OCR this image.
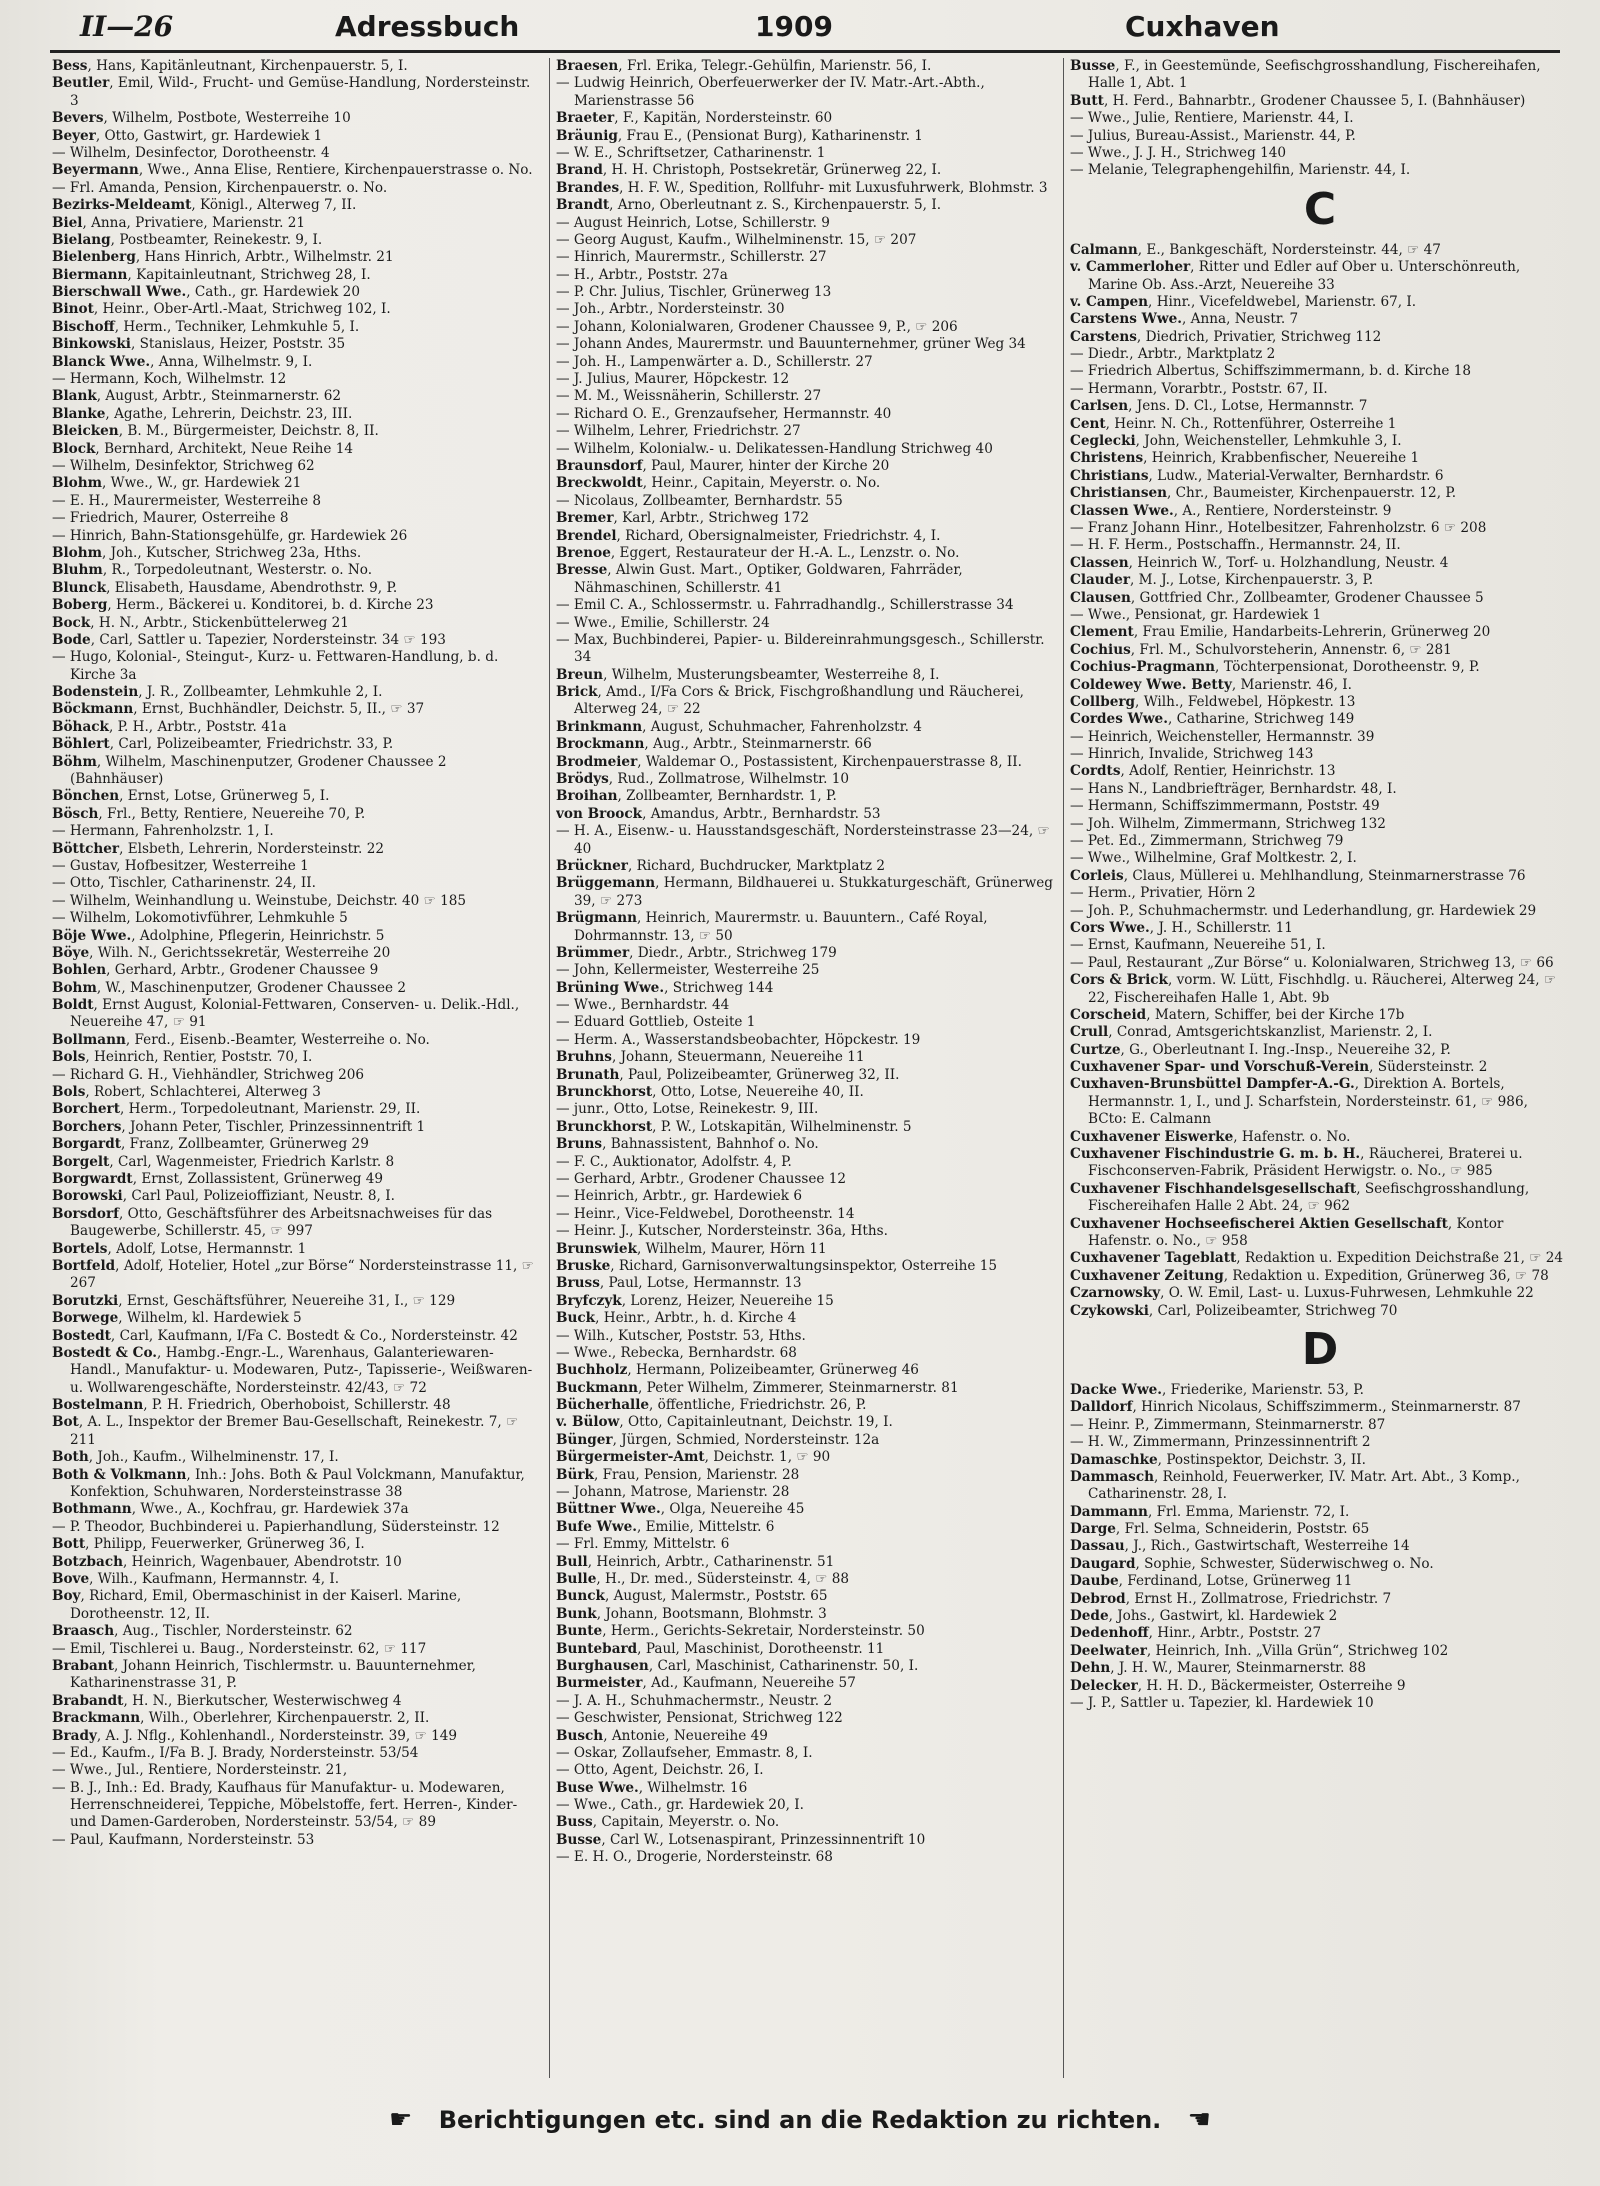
II—26	Adressbuch	1909	Cuxhaven

Bess, Hans, Kapitänleutnant, Kirchenpauerstr. 5, I.

Beutler, Emil, Wild-, Frucht- und Gemüse-Handlung, Nordersteinstr. 3

Bevers, Wilhelm, Postbote, Westerreihe 10

Beyer, Otto, Gastwirt, gr. Hardewiek 1

— Wilhelm, Desinfector, Dorotheenstr. 4

Beyermann, Wwe., Anna Elise, Rentiere, Kirchenpauerstrasse o. No.

— Frl. Amanda, Pension, Kirchenpauerstr. o. No.

Bezirks-Meldeamt, Königl., Alterweg 7, II.

Biel, Anna, Privatiere, Marienstr. 21

Bielang, Postbeamter, Reinekestr. 9, I.

Bielenberg, Hans Hinrich, Arbtr., Wilhelmstr. 21

Biermann, Kapitainleutnant, Strichweg 28, I.

Bierschwall Wwe., Cath., gr. Hardewiek 20

Binot, Heinr., Ober-Artl.-Maat, Strichweg 102, I.

Bischoff, Herm., Techniker, Lehmkuhle 5, I.

Binkowski, Stanislaus, Heizer, Poststr. 35

Blanck Wwe., Anna, Wilhelmstr. 9, I.

— Hermann, Koch, Wilhelmstr. 12

Blank, August, Arbtr., Steinmarnerstr. 62

Blanke, Agathe, Lehrerin, Deichstr. 23, III.

Bleicken, B. M., Bürgermeister, Deichstr. 8, II.

Block, Bernhard, Architekt, Neue Reihe 14

— Wilhelm, Desinfektor, Strichweg 62

Blohm, Wwe., W., gr. Hardewiek 21

— E. H., Maurermeister, Westerreihe 8

— Friedrich, Maurer, Osterreihe 8

— Hinrich, Bahn-Stationsgehülfe, gr. Hardewiek 26

Blohm, Joh., Kutscher, Strichweg 23a, Hths.

Bluhm, R., Torpedoleutnant, Westerstr. o. No.

Blunck, Elisabeth, Hausdame, Abendrothstr. 9, P.

Boberg, Herm., Bäckerei u. Konditorei, b. d. Kirche 23

Bock, H. N., Arbtr., Stickenbüttelerweg 21

Bode, Carl, Sattler u. Tapezier, Nordersteinstr. 34 ☞ 193

— Hugo, Kolonial-, Steingut-, Kurz- u. Fettwaren-Handlung, b. d. Kirche 3a

Bodenstein, J. R., Zollbeamter, Lehmkuhle 2, I.

Böckmann, Ernst, Buchhändler, Deichstr. 5, II., ☞ 37

Böhack, P. H., Arbtr., Poststr. 41a

Böhlert, Carl, Polizeibeamter, Friedrichstr. 33, P.

Böhm, Wilhelm, Maschinenputzer, Grodener Chaussee 2 (Bahnhäuser)

Bönchen, Ernst, Lotse, Grünerweg 5, I.

Bösch, Frl., Betty, Rentiere, Neuereihe 70, P.

— Hermann, Fahrenholzstr. 1, I.

Böttcher, Elsbeth, Lehrerin, Nordersteinstr. 22

— Gustav, Hofbesitzer, Westerreihe 1

— Otto, Tischler, Catharinenstr. 24, II.

— Wilhelm, Weinhandlung u. Weinstube, Deichstr. 40 ☞ 185

— Wilhelm, Lokomotivführer, Lehmkuhle 5

Böje Wwe., Adolphine, Pflegerin, Heinrichstr. 5

Böye, Wilh. N., Gerichtssekretär, Westerreihe 20

Bohlen, Gerhard, Arbtr., Grodener Chaussee 9

Bohm, W., Maschinenputzer, Grodener Chaussee 2

Boldt, Ernst August, Kolonial-Fettwaren, Conserven- u. Delik.-Hdl., Neuereihe 47, ☞ 91

Bollmann, Ferd., Eisenb.-Beamter, Westerreihe o. No.

Bols, Heinrich, Rentier, Poststr. 70, I.

— Richard G. H., Viehhändler, Strichweg 206

Bols, Robert, Schlachterei, Alterweg 3

Borchert, Herm., Torpedoleutnant, Marienstr. 29, II.

Borchers, Johann Peter, Tischler, Prinzessinnentrift 1

Borgardt, Franz, Zollbeamter, Grünerweg 29

Borgelt, Carl, Wagenmeister, Friedrich Karlstr. 8

Borgwardt, Ernst, Zollassistent, Grünerweg 49

Borowski, Carl Paul, Polizeioffiziant, Neustr. 8, I.

Borsdorf, Otto, Geschäftsführer des Arbeitsnachweises für das Baugewerbe, Schillerstr. 45, ☞ 997

Bortels, Adolf, Lotse, Hermannstr. 1

Bortfeld, Adolf, Hotelier, Hotel „zur Börse“ Nordersteinstrasse 11, ☞ 267

Borutzki, Ernst, Geschäftsführer, Neuereihe 31, I., ☞ 129

Borwege, Wilhelm, kl. Hardewiek 5

Bostedt, Carl, Kaufmann, I/Fa C. Bostedt & Co., Nordersteinstr. 42

Bostedt & Co., Hambg.-Engr.-L., Warenhaus, Galanteriewaren-Handl., Manufaktur- u. Modewaren, Putz-, Tapisserie-, Weißwaren- u. Wollwarengeschäfte, Nordersteinstr. 42/43, ☞ 72

Bostelmann, P. H. Friedrich, Oberhoboist, Schillerstr. 48

Bot, A. L., Inspektor der Bremer Bau-Gesellschaft, Reinekestr. 7, ☞ 211

Both, Joh., Kaufm., Wilhelminenstr. 17, I.

Both & Volkmann, Inh.: Johs. Both & Paul Volckmann, Manufaktur, Konfektion, Schuhwaren, Nordersteinstrasse 38

Bothmann, Wwe., A., Kochfrau, gr. Hardewiek 37a

— P. Theodor, Buchbinderei u. Papierhandlung, Südersteinstr. 12

Bott, Philipp, Feuerwerker, Grünerweg 36, I.

Botzbach, Heinrich, Wagenbauer, Abendrotstr. 10

Bove, Wilh., Kaufmann, Hermannstr. 4, I.

Boy, Richard, Emil, Obermaschinist in der Kaiserl. Marine, Dorotheenstr. 12, II.

Braasch, Aug., Tischler, Nordersteinstr. 62

— Emil, Tischlerei u. Baug., Nordersteinstr. 62, ☞ 117

Brabant, Johann Heinrich, Tischlermstr. u. Bauunternehmer, Katharinenstrasse 31, P.

Brabandt, H. N., Bierkutscher, Westerwischweg 4

Brackmann, Wilh., Oberlehrer, Kirchenpauerstr. 2, II.

Brady, A. J. Nflg., Kohlenhandl., Nordersteinstr. 39, ☞ 149

— Ed., Kaufm., I/Fa B. J. Brady, Nordersteinstr. 53/54

— Wwe., Jul., Rentiere, Nordersteinstr. 21,

— B. J., Inh.: Ed. Brady, Kaufhaus für Manufaktur- u. Modewaren, Herrenschneiderei, Teppiche, Möbelstoffe, fert. Herren-, Kinder- und Damen-Garderoben, Nordersteinstr. 53/54, ☞ 89

— Paul, Kaufmann, Nordersteinstr. 53

Braesen, Frl. Erika, Telegr.-Gehülfin, Marienstr. 56, I.

— Ludwig Heinrich, Oberfeuerwerker der IV. Matr.-Art.-Abth., Marienstrasse 56

Braeter, F., Kapitän, Nordersteinstr. 60

Bräunig, Frau E., (Pensionat Burg), Katharinenstr. 1

— W. E., Schriftsetzer, Catharinenstr. 1

Brand, H. H. Christoph, Postsekretär, Grünerweg 22, I.

Brandes, H. F. W., Spedition, Rollfuhr- mit Luxusfuhrwerk, Blohmstr. 3

Brandt, Arno, Oberleutnant z. S., Kirchenpauerstr. 5, I.

— August Heinrich, Lotse, Schillerstr. 9

— Georg August, Kaufm., Wilhelminenstr. 15, ☞ 207

— Hinrich, Maurermstr., Schillerstr. 27

— H., Arbtr., Poststr. 27a

— P. Chr. Julius, Tischler, Grünerweg 13

— Joh., Arbtr., Nordersteinstr. 30

— Johann, Kolonialwaren, Grodener Chaussee 9, P., ☞ 206

— Johann Andes, Maurermstr. und Bauunternehmer, grüner Weg 34

— Joh. H., Lampenwärter a. D., Schillerstr. 27

— J. Julius, Maurer, Höpckestr. 12

— M. M., Weissnäherin, Schillerstr. 27

— Richard O. E., Grenzaufseher, Hermannstr. 40

— Wilhelm, Lehrer, Friedrichstr. 27

— Wilhelm, Kolonialw.- u. Delikatessen-Handlung Strichweg 40

Braunsdorf, Paul, Maurer, hinter der Kirche 20

Breckwoldt, Heinr., Capitain, Meyerstr. o. No.

— Nicolaus, Zollbeamter, Bernhardstr. 55

Bremer, Karl, Arbtr., Strichweg 172

Brendel, Richard, Obersignalmeister, Friedrichstr. 4, I.

Brenoe, Eggert, Restaurateur der H.-A. L., Lenzstr. o. No.

Bresse, Alwin Gust. Mart., Optiker, Goldwaren, Fahrräder, Nähmaschinen, Schillerstr. 41

— Emil C. A., Schlossermstr. u. Fahrradhandlg., Schillerstrasse 34

— Wwe., Emilie, Schillerstr. 24

— Max, Buchbinderei, Papier- u. Bildereinrahmungsgesch., Schillerstr. 34

Breun, Wilhelm, Musterungsbeamter, Westerreihe 8, I.

Brick, Amd., I/Fa Cors & Brick, Fischgroßhandlung und Räucherei, Alterweg 24, ☞ 22

Brinkmann, August, Schuhmacher, Fahrenholzstr. 4

Brockmann, Aug., Arbtr., Steinmarnerstr. 66

Brodmeier, Waldemar O., Postassistent, Kirchenpauerstrasse 8, II.

Brödys, Rud., Zollmatrose, Wilhelmstr. 10

Broihan, Zollbeamter, Bernhardstr. 1, P.

von Broock, Amandus, Arbtr., Bernhardstr. 53

— H. A., Eisenw.- u. Hausstandsgeschäft, Nordersteinstrasse 23—24, ☞ 40

Brückner, Richard, Buchdrucker, Marktplatz 2

Brüggemann, Hermann, Bildhauerei u. Stukkaturgeschäft, Grünerweg 39, ☞ 273

Brügmann, Heinrich, Maurermstr. u. Bauuntern., Café Royal, Dohrmannstr. 13, ☞ 50

Brümmer, Diedr., Arbtr., Strichweg 179

— John, Kellermeister, Westerreihe 25

Brüning Wwe., Strichweg 144

— Wwe., Bernhardstr. 44

— Eduard Gottlieb, Osteite 1

— Herm. A., Wasserstandsbeobachter, Höpckestr. 19

Bruhns, Johann, Steuermann, Neuereihe 11

Brunath, Paul, Polizeibeamter, Grünerweg 32, II.

Brunckhorst, Otto, Lotse, Neuereihe 40, II.

— junr., Otto, Lotse, Reinekestr. 9, III.

Brunckhorst, P. W., Lotskapitän, Wilhelminenstr. 5

Bruns, Bahnassistent, Bahnhof o. No.

— F. C., Auktionator, Adolfstr. 4, P.

— Gerhard, Arbtr., Grodener Chaussee 12

— Heinrich, Arbtr., gr. Hardewiek 6

— Heinr., Vice-Feldwebel, Dorotheenstr. 14

— Heinr. J., Kutscher, Nordersteinstr. 36a, Hths.

Brunswiek, Wilhelm, Maurer, Hörn 11

Bruske, Richard, Garnisonverwaltungsinspektor, Osterreihe 15

Bruss, Paul, Lotse, Hermannstr. 13

Bryfczyk, Lorenz, Heizer, Neuereihe 15

Buck, Heinr., Arbtr., h. d. Kirche 4

— Wilh., Kutscher, Poststr. 53, Hths.

— Wwe., Rebecka, Bernhardstr. 68

Buchholz, Hermann, Polizeibeamter, Grünerweg 46

Buckmann, Peter Wilhelm, Zimmerer, Steinmarnerstr. 81

Bücherhalle, öffentliche, Friedrichstr. 26, P.

v. Bülow, Otto, Capitainleutnant, Deichstr. 19, I.

Bünger, Jürgen, Schmied, Nordersteinstr. 12a

Bürgermeister-Amt, Deichstr. 1, ☞ 90

Bürk, Frau, Pension, Marienstr. 28

— Johann, Matrose, Marienstr. 28

Büttner Wwe., Olga, Neuereihe 45

Bufe Wwe., Emilie, Mittelstr. 6

— Frl. Emmy, Mittelstr. 6

Bull, Heinrich, Arbtr., Catharinenstr. 51

Bulle, H., Dr. med., Südersteinstr. 4, ☞ 88

Bunck, August, Malermstr., Poststr. 65

Bunk, Johann, Bootsmann, Blohmstr. 3

Bunte, Herm., Gerichts-Sekretair, Nordersteinstr. 50

Buntebard, Paul, Maschinist, Dorotheenstr. 11

Burghausen, Carl, Maschinist, Catharinenstr. 50, I.

Burmeister, Ad., Kaufmann, Neuereihe 57

— J. A. H., Schuhmachermstr., Neustr. 2

— Geschwister, Pensionat, Strichweg 122

Busch, Antonie, Neuereihe 49

— Oskar, Zollaufseher, Emmastr. 8, I.

— Otto, Agent, Deichstr. 26, I.

Buse Wwe., Wilhelmstr. 16

— Wwe., Cath., gr. Hardewiek 20, I.

Buss, Capitain, Meyerstr. o. No.

Busse, Carl W., Lotsenaspirant, Prinzessinnentrift 10

— E. H. O., Drogerie, Nordersteinstr. 68

Busse, F., in Geestemünde, Seefischgrosshandlung, Fischereihafen, Halle 1, Abt. 1

Butt, H. Ferd., Bahnarbtr., Grodener Chaussee 5, I. (Bahnhäuser)

— Wwe., Julie, Rentiere, Marienstr. 44, I.

— Julius, Bureau-Assist., Marienstr. 44, P.

— Wwe., J. J. H., Strichweg 140

— Melanie, Telegraphengehilfin, Marienstr. 44, I.

C

Calmann, E., Bankgeschäft, Nordersteinstr. 44, ☞ 47

v. Cammerloher, Ritter und Edler auf Ober u. Unterschönreuth, Marine Ob. Ass.-Arzt, Neuereihe 33

v. Campen, Hinr., Vicefeldwebel, Marienstr. 67, I.

Carstens Wwe., Anna, Neustr. 7

Carstens, Diedrich, Privatier, Strichweg 112

— Diedr., Arbtr., Marktplatz 2

— Friedrich Albertus, Schiffszimmermann, b. d. Kirche 18

— Hermann, Vorarbtr., Poststr. 67, II.

Carlsen, Jens. D. Cl., Lotse, Hermannstr. 7

Cent, Heinr. N. Ch., Rottenführer, Osterreihe 1

Ceglecki, John, Weichensteller, Lehmkuhle 3, I.

Christens, Heinrich, Krabbenfischer, Neuereihe 1

Christians, Ludw., Material-Verwalter, Bernhardstr. 6

Christiansen, Chr., Baumeister, Kirchenpauerstr. 12, P.

Classen Wwe., A., Rentiere, Nordersteinstr. 9

— Franz Johann Hinr., Hotelbesitzer, Fahrenholzstr. 6 ☞ 208

— H. F. Herm., Postschaffn., Hermannstr. 24, II.

Classen, Heinrich W., Torf- u. Holzhandlung, Neustr. 4

Clauder, M. J., Lotse, Kirchenpauerstr. 3, P.

Clausen, Gottfried Chr., Zollbeamter, Grodener Chaussee 5

— Wwe., Pensionat, gr. Hardewiek 1

Clement, Frau Emilie, Handarbeits-Lehrerin, Grünerweg 20

Cochius, Frl. M., Schulvorsteherin, Annenstr. 6, ☞ 281

Cochius-Pragmann, Töchterpensionat, Dorotheenstr. 9, P.

Coldewey Wwe. Betty, Marienstr. 46, I.

Collberg, Wilh., Feldwebel, Höpkestr. 13

Cordes Wwe., Catharine, Strichweg 149

— Heinrich, Weichensteller, Hermannstr. 39

— Hinrich, Invalide, Strichweg 143

Cordts, Adolf, Rentier, Heinrichstr. 13

— Hans N., Landbriefträger, Bernhardstr. 48, I.

— Hermann, Schiffszimmermann, Poststr. 49

— Joh. Wilhelm, Zimmermann, Strichweg 132

— Pet. Ed., Zimmermann, Strichweg 79

— Wwe., Wilhelmine, Graf Moltkestr. 2, I.

Corleis, Claus, Müllerei u. Mehlhandlung, Steinmarnerstrasse 76

— Herm., Privatier, Hörn 2

— Joh. P., Schuhmachermstr. und Lederhandlung, gr. Hardewiek 29

Cors Wwe., J. H., Schillerstr. 11

— Ernst, Kaufmann, Neuereihe 51, I.

— Paul, Restaurant „Zur Börse“ u. Kolonialwaren, Strichweg 13, ☞ 66

Cors & Brick, vorm. W. Lütt, Fischhdlg. u. Räucherei, Alterweg 24, ☞ 22, Fischereihafen Halle 1, Abt. 9b

Corscheid, Matern, Schiffer, bei der Kirche 17b

Crull, Conrad, Amtsgerichtskanzlist, Marienstr. 2, I.

Curtze, G., Oberleutnant I. Ing.-Insp., Neuereihe 32, P.

Cuxhavener Spar- und Vorschuß-Verein, Südersteinstr. 2

Cuxhaven-Brunsbüttel Dampfer-A.-G., Direktion A. Bortels, Hermannstr. 1, I., und J. Scharfstein, Nordersteinstr. 61, ☞ 986, BCto: E. Calmann

Cuxhavener Eiswerke, Hafenstr. o. No.

Cuxhavener Fischindustrie G. m. b. H., Räucherei, Braterei u. Fischconserven-Fabrik, Präsident Herwigstr. o. No., ☞ 985

Cuxhavener Fischhandelsgesellschaft, Seefischgrosshandlung, Fischereihafen Halle 2 Abt. 24, ☞ 962

Cuxhavener Hochseefischerei Aktien Gesellschaft, Kontor Hafenstr. o. No., ☞ 958

Cuxhavener Tageblatt, Redaktion u. Expedition Deichstraße 21, ☞ 24

Cuxhavener Zeitung, Redaktion u. Expedition, Grünerweg 36, ☞ 78

Czarnowsky, O. W. Emil, Last- u. Luxus-Fuhrwesen, Lehmkuhle 22

Czykowski, Carl, Polizeibeamter, Strichweg 70

D

Dacke Wwe., Friederike, Marienstr. 53, P.

Dalldorf, Hinrich Nicolaus, Schiffszimmerm., Steinmarnerstr. 87

— Heinr. P., Zimmermann, Steinmarnerstr. 87

— H. W., Zimmermann, Prinzessinnentrift 2

Damaschke, Postinspektor, Deichstr. 3, II.

Dammasch, Reinhold, Feuerwerker, IV. Matr. Art. Abt., 3 Komp., Catharinenstr. 28, I.

Dammann, Frl. Emma, Marienstr. 72, I.

Darge, Frl. Selma, Schneiderin, Poststr. 65

Dassau, J., Rich., Gastwirtschaft, Westerreihe 14

Daugard, Sophie, Schwester, Süderwischweg o. No.

Daube, Ferdinand, Lotse, Grünerweg 11

Debrod, Ernst H., Zollmatrose, Friedrichstr. 7

Dede, Johs., Gastwirt, kl. Hardewiek 2

Dedenhoff, Hinr., Arbtr., Poststr. 27

Deelwater, Heinrich, Inh. „Villa Grün“, Strichweg 102

Dehn, J. H. W., Maurer, Steinmarnerstr. 88

Delecker, H. H. D., Bäckermeister, Osterreihe 9

— J. P., Sattler u. Tapezier, kl. Hardewiek 10

☛ Berichtigungen etc. sind an die Redaktion zu richten. ☚
